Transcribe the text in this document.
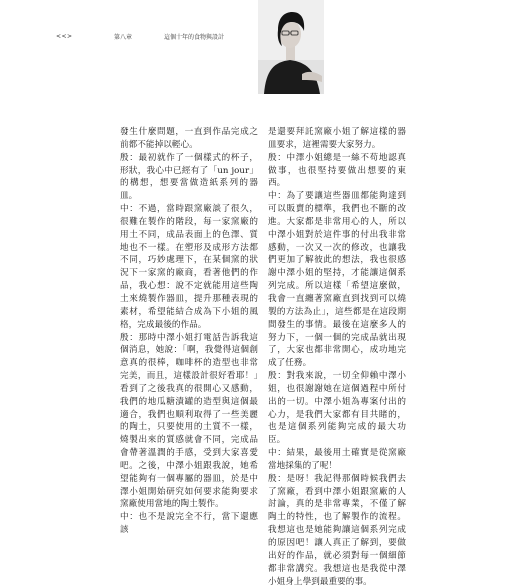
<<>	第八章	這個十年的食物與設計

發生什麼問題，一直到作品完成之前都不能掉以輕心。

殷：最初就作了一個樣式的杯子，形狀，我心中已經有了「un jour」的構想，想要當做造紙系列的器皿。

中：不過，當時跟窯廠談了很久，很難在製作的階段，每一家窯廠的用土不同，成品表面上的色澤、質地也不一樣。在塑形及成形方法都不同，巧妙處理下，在某個窯的狀況下一家窯的廠商，看著他們的作品，我心想：說不定就能用這些陶土來燒製作器皿，提升那種表現的素材，希望能結合成為下小姐的風格，完成最後的作品。

殷：那時中澤小姐打電話告訴我這個消息，她說：「啊，我覺得這個創意真的很棒，咖啡杯的造型也非常完美，而且，這樣設計很好看耶！」看到了之後我真的很開心又感動，我們的地瓜糖漬罐的造型與這個最適合，我們也順利取得了一些美麗的陶土，只要使用的土質不一樣，燒製出來的質感就會不同，完成品會帶著溫潤的手感，受到大家喜愛吧。之後，中澤小姐跟我說，她希望能夠有一個專屬的器皿，於是中澤小姐開始研究如何要求能夠要求窯廠使用當地的陶土製作。

中：也不是說完全不行，當下還應該

是還要拜託窯廠小姐了解這樣的器皿要求，這裡需要大家努力。

殷：中澤小姐總是一絲不苟地認真做事，也很堅持要做出想要的東西。

中：為了要讓這些器皿都能夠達到可以販賣的標準，我們也不斷的改進。大家都是非常用心的人，所以中澤小姐對於這件事的付出我非常感動，一次又一次的修改，也讓我們更加了解彼此的想法，我也很感謝中澤小姐的堅持，才能讓這個系列完成。所以這樣「希望這麼做，我會一直纏著窯廠直到找到可以燒製的方法為止」，這些都是在這段期間發生的事情。最後在這麼多人的努力下，一個一個的完成品就出現了，大家也都非常開心，成功地完成了任務。

殷：對我來說，一切全仰賴中澤小姐，也很謝謝她在這個過程中所付出的一切。中澤小姐為專案付出的心力，是我們大家都有目共睹的，也是這個系列能夠完成的最大功臣。

中：結果，最後用土確實是從窯廠當地採集的了呢！

殷：是呀！我記得那個時候我們去了窯廠，看到中澤小姐跟窯廠的人討論，真的是非常專業，不僅了解陶土的特性，也了解製作的流程。我想這也是她能夠讓這個系列完成的原因吧！讓人真正了解到，要做出好的作品，就必須對每一個細節都非常講究。我想這也是我從中澤小姐身上學到最重要的事。
